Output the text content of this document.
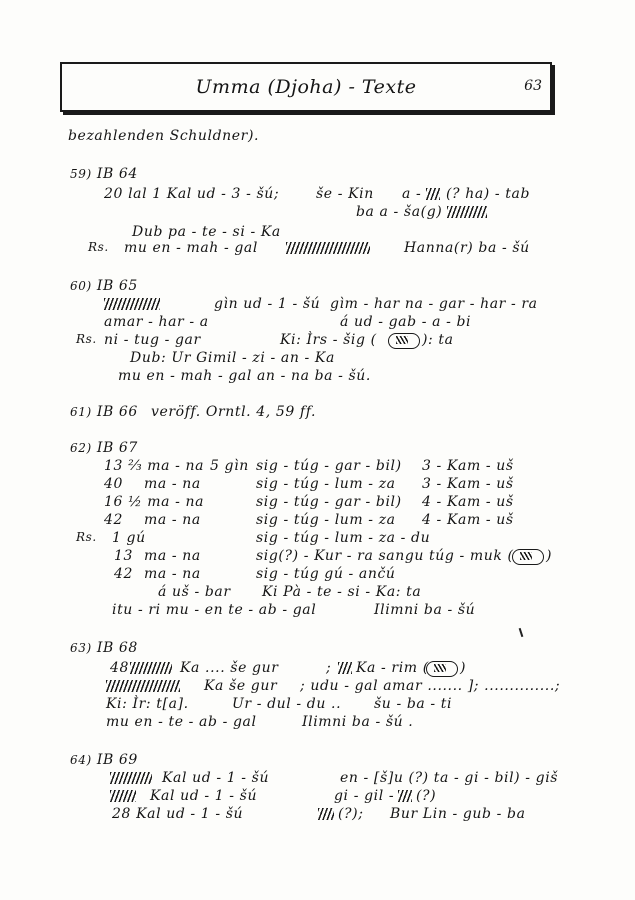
Umma (Djoha) - Texte	63
bezahlenden Schuldner).
59) IB 64
20 lal 1 Kal ud - 3 - šú;	še - Kin a - (? ha) - tab
ba a - ša(g)
Dub pa - te - si - Ka
Rs. mu en - mah - gal	Hanna(r) ba - šú
60) IB 65
gìn ud - 1 - šú gìm - har na - gar - har - ra
amar - har - a	á ud - gab - a - bi
Rs. ni - tug - gar	Ki: Ìrs - šig (	): ta
Dub: Ur Gimil - zi - an - Ka
mu en - mah - gal an - na ba - šú.
61) IB 66 veröff. Orntl. 4, 59 ff.
62) IB 67
13 ⅔ ma - na 5 gìn sig - túg - gar - bil) 3 - Kam - uš
40 ma - na	sig - túg - lum - za 3 - Kam - uš
16 ½ ma - na	sig - túg - gar - bil) 4 - Kam - uš
42 ma - na	sig - túg - lum - za 4 - Kam - uš
Rs. 1 gú	sig - túg - lum - za - du
13 ma - na	sig(?) - Kur - ra sangu túg - muk ( )
42 ma - na	sig - túg gú - ančú
á uš - bar Ki Pà - te - si - Ka: ta
itu - ri mu - en te - ab - gal	Ilimni ba - šú
63) IB 68
48	Ka .... še gur	; Ka - rim ( )
Ka še gur ; udu - gal amar ....... ]; ..............;
Ki: Ìr: t[a].	Ur - dul - du .. šu - ba - ti
mu en - te - ab - gal	Ilimni ba - šú .
64) IB 69
Kal ud - 1 - šú	en - [š]u (?) ta - gi - bil) - giš
Kal ud - 1 - šú	gi - gil - (?)
28 Kal ud - 1 - šú	(?); Bur Lin - gub - ba
